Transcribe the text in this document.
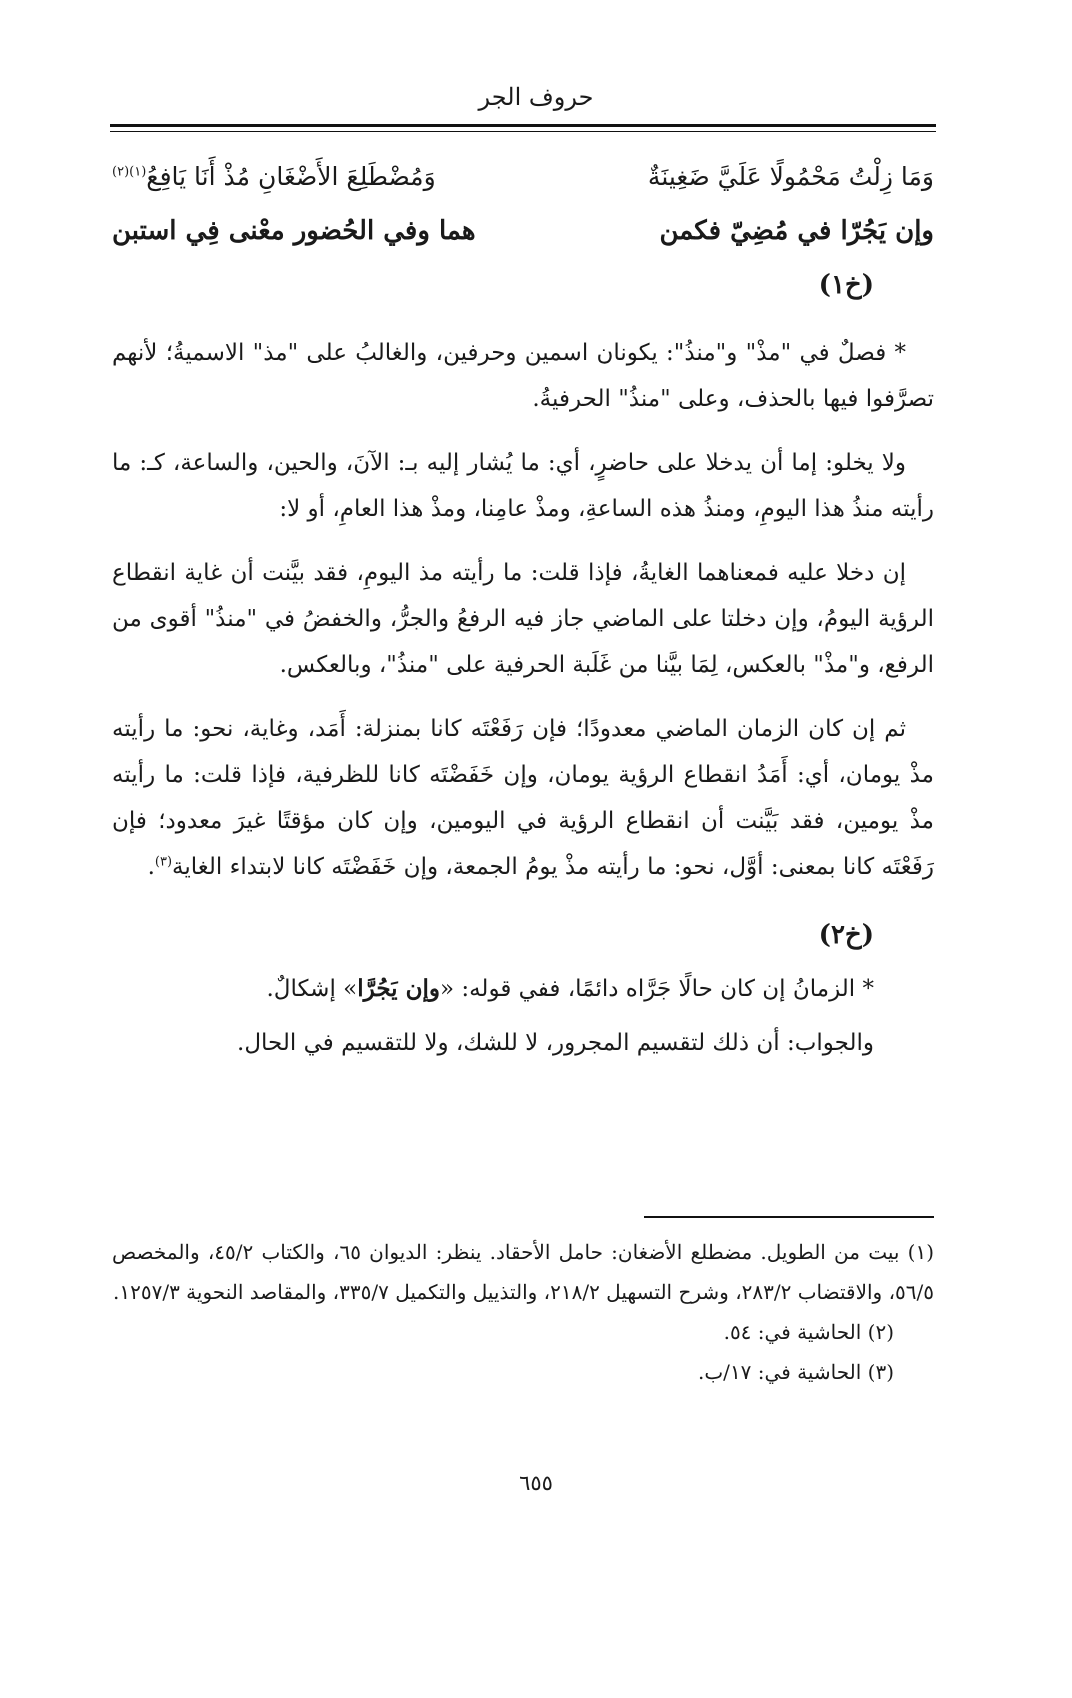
حروف الجر
وَمَا زِلْتُ مَحْمُولًا عَلَيَّ ضَغِينَةٌ
وَمُضْطَلِعَ الأَضْغَانِ مُذْ أَنَا يَافِعُ$^{(١)(٢)}$
وإن يَجُرّا في مُضِيّ فكمن
هما وفي الحُضور معْنى فِي استبن
(خ١)

* فصلٌ في "مذْ" و"منذُ": يكونان اسمين وحرفين، والغالبُ على "مذ" الاسميةُ؛ لأنهم تصرَّفوا فيها بالحذف، وعلى "منذُ" الحرفيةُ.

ولا يخلو: إما أن يدخلا على حاضرٍ، أي: ما يُشار إليه بـ: الآنَ، والحين، والساعة، كـ: ما رأيته منذُ هذا اليومِ، ومنذُ هذه الساعةِ، ومذْ عامِنا، ومذْ هذا العامِ، أو لا:

إن دخلا عليه فمعناهما الغايةُ، فإذا قلت: ما رأيته مذ اليومِ، فقد بيَّنت أن غاية انقطاع الرؤية اليومُ، وإن دخلتا على الماضي جاز فيه الرفعُ والجرُّ، والخفضُ في "منذُ" أقوى من الرفع، و"مذْ" بالعكس، لِمَا بيَّنا من غَلَبة الحرفية على "منذُ"، وبالعكس.

ثم إن كان الزمان الماضي معدودًا؛ فإن رَفَعْتَه كانا بمنزلة: أَمَد، وغاية، نحو: ما رأيته مذْ يومان، أي: أَمَدُ انقطاع الرؤية يومان، وإن خَفَضْتَه كانا للظرفية، فإذا قلت: ما رأيته مذْ يومين، فقد بَيَّنت أن انقطاع الرؤية في اليومين، وإن كان مؤقتًا غيرَ معدود؛ فإن رَفَعْتَه كانا بمعنى: أوَّل، نحو: ما رأيته مذْ يومُ الجمعة، وإن خَفَضْتَه كانا لابتداء الغاية$^{(٣)}$.

(خ٢)
* الزمانُ إن كان حالًا جَرَّاه دائمًا، ففي قوله: «وإن يَجُرَّا» إشكالٌ.
والجواب: أن ذلك لتقسيم المجرور، لا للشك، ولا للتقسيم في الحال.

(١) بيت من الطويل. مضطلع الأضغان: حامل الأحقاد. ينظر: الديوان ٦٥، والكتاب ٤٥/٢، والمخصص ٥٦/٥، والاقتضاب ٢٨٣/٢، وشرح التسهيل ٢١٨/٢، والتذييل والتكميل ٣٣٥/٧، والمقاصد النحوية ١٢٥٧/٣.

(٢) الحاشية في: ٥٤.

(٣) الحاشية في: ١٧/ب.

٦٥٥
